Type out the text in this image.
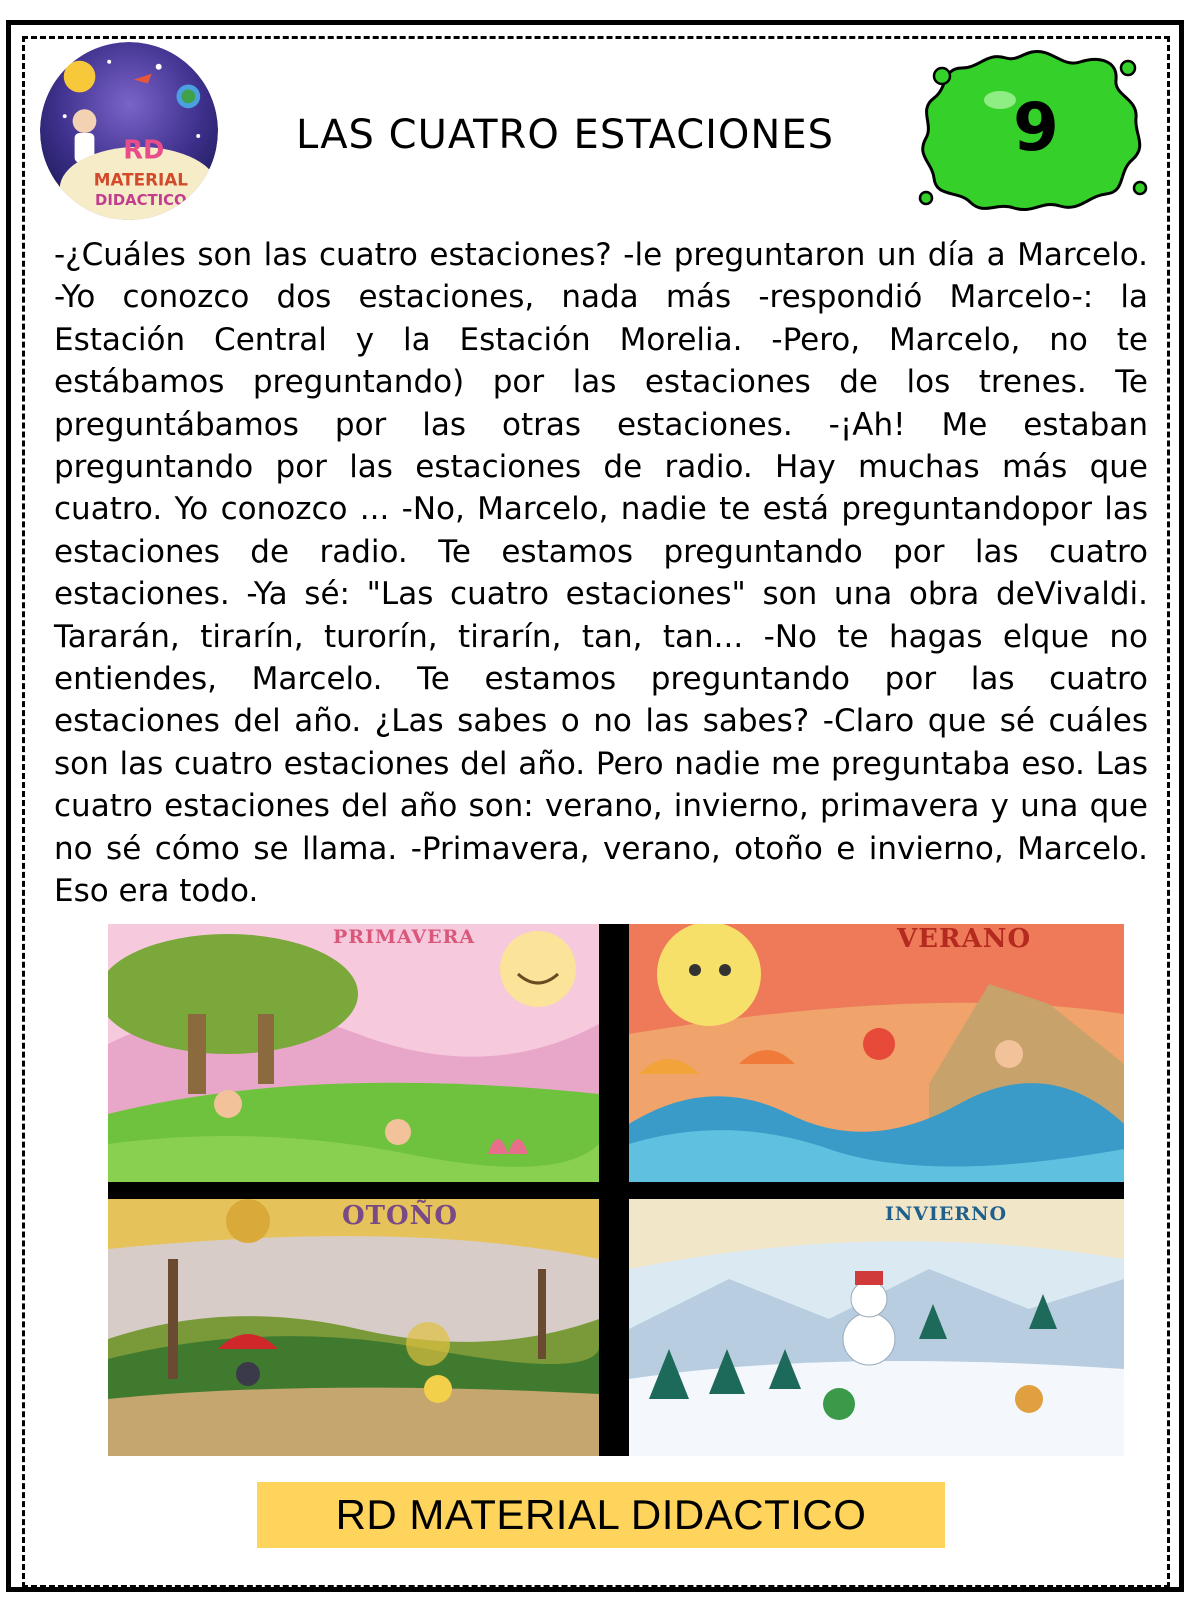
RD
MATERIAL
DIDACTICO
LAS CUATRO ESTACIONES	9

-¿Cuáles son las cuatro estaciones? -le preguntaron un día a Marcelo. -Yo conozco dos estaciones, nada más -respondió Marcelo-: la Estación Central y la Estación Morelia. -Pero, Marcelo, no te estábamos preguntando) por las estaciones de los trenes. Te preguntábamos por las otras estaciones. -¡Ah! Me estaban preguntando por las estaciones de radio. Hay muchas más que cuatro. Yo conozco ... -No, Marcelo, nadie te está preguntandopor las estaciones de radio. Te estamos preguntando por las cuatro estaciones. -Ya sé: "Las cuatro estaciones" son una obra deVivaldi. Tararán, tirarín, turorín, tirarín, tan, tan... -No te hagas elque no entiendes, Marcelo. Te estamos preguntando por las cuatro estaciones del año. ¿Las sabes o no las sabes? -Claro que sé cuáles son las cuatro estaciones del año. Pero nadie me preguntaba eso. Las cuatro estaciones del año son: verano, invierno, primavera y una que no sé cómo se llama. -Primavera, verano, otoño e invierno, Marcelo. Eso era todo.

PRIMAVERA	VERANO
OTOÑO	INVIERNO
RD MATERIAL DIDACTICO
